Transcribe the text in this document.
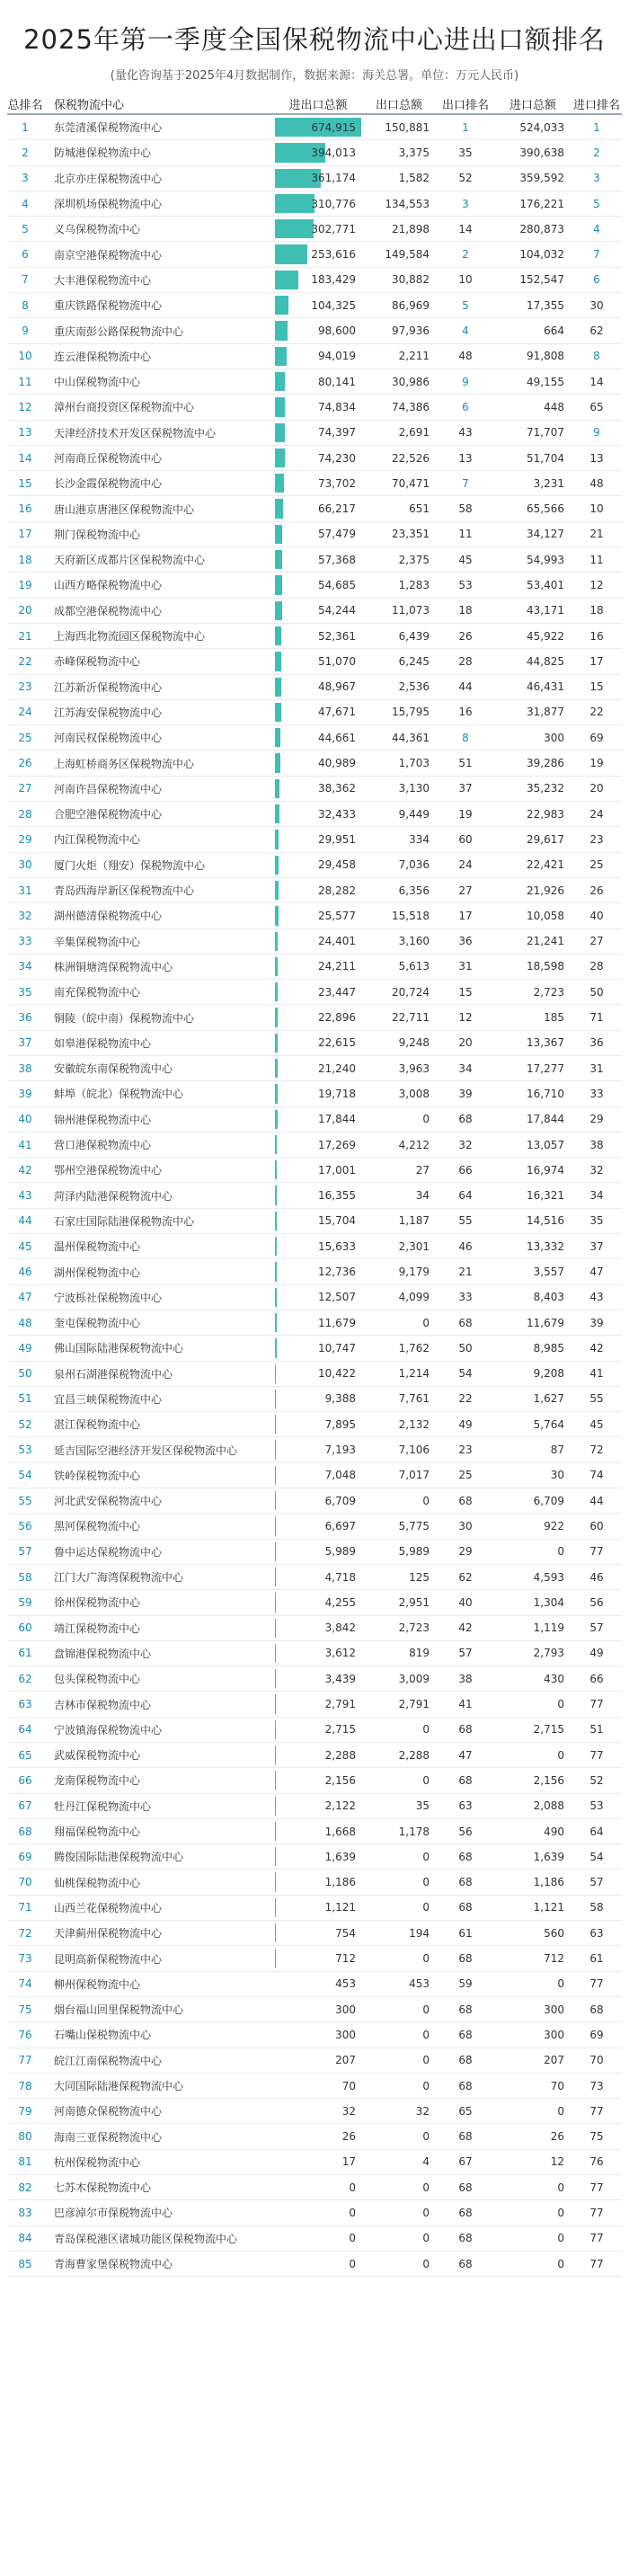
2025年第一季度全国保税物流中心进出口额排名
(量化咨询基于2025年4月数据制作，数据来源：海关总署。单位：万元人民币)
总排名 保税物流中心	进出口总额	出口总额	出口排名	进口总额	进口排名
1	东莞清溪保税物流中心	674,915	150,881	1	524,033	1
2	防城港保税物流中心	394,013	3,375	35	390,638	2
3	北京亦庄保税物流中心	361,174	1,582	52	359,592	3
4	深圳机场保税物流中心	310,776	134,553	3	176,221	5
5	义乌保税物流中心	302,771	21,898	14	280,873	4
6	南京空港保税物流中心	253,616	149,584	2	104,032	7
7	大丰港保税物流中心	183,429	30,882	10	152,547	6
8	重庆铁路保税物流中心	104,325	86,969	5	17,355	30
9	重庆南彭公路保税物流中心	98,600	97,936	4	664	62
10	连云港保税物流中心	94,019	2,211	48	91,808	8
11	中山保税物流中心	80,141	30,986	9	49,155	14
12	漳州台商投资区保税物流中心	74,834	74,386	6	448	65
13	天津经济技术开发区保税物流中心	74,397	2,691	43	71,707	9
14	河南商丘保税物流中心	74,230	22,526	13	51,704	13
15	长沙金霞保税物流中心	73,702	70,471	7	3,231	48
16	唐山港京唐港区保税物流中心	66,217	651	58	65,566	10
17	荆门保税物流中心	57,479	23,351	11	34,127	21
18	天府新区成都片区保税物流中心	57,368	2,375	45	54,993	11
19	山西方略保税物流中心	54,685	1,283	53	53,401	12
20	成都空港保税物流中心	54,244	11,073	18	43,171	18
21	上海西北物流园区保税物流中心	52,361	6,439	26	45,922	16
22	赤峰保税物流中心	51,070	6,245	28	44,825	17
23	江苏新沂保税物流中心	48,967	2,536	44	46,431	15
24	江苏海安保税物流中心	47,671	15,795	16	31,877	22
25	河南民权保税物流中心	44,661	44,361	8	300	69
26	上海虹桥商务区保税物流中心	40,989	1,703	51	39,286	19
27	河南许昌保税物流中心	38,362	3,130	37	35,232	20
28	合肥空港保税物流中心	32,433	9,449	19	22,983	24
29	内江保税物流中心	29,951	334	60	29,617	23
30	厦门火炬（翔安）保税物流中心	29,458	7,036	24	22,421	25
31	青岛西海岸新区保税物流中心	28,282	6,356	27	21,926	26
32	湖州德清保税物流中心	25,577	15,518	17	10,058	40
33	辛集保税物流中心	24,401	3,160	36	21,241	27
34	株洲铜塘湾保税物流中心	24,211	5,613	31	18,598	28
35	南充保税物流中心	23,447	20,724	15	2,723	50
36	铜陵（皖中南）保税物流中心	22,896	22,711	12	185	71
37	如皋港保税物流中心	22,615	9,248	20	13,367	36
38	安徽皖东南保税物流中心	21,240	3,963	34	17,277	31
39	蚌埠（皖北）保税物流中心	19,718	3,008	39	16,710	33
40	锦州港保税物流中心	17,844	0	68	17,844	29
41	营口港保税物流中心	17,269	4,212	32	13,057	38
42	鄂州空港保税物流中心	17,001	27	66	16,974	32
43	菏泽内陆港保税物流中心	16,355	34	64	16,321	34
44	石家庄国际陆港保税物流中心	15,704	1,187	55	14,516	35
45	温州保税物流中心	15,633	2,301	46	13,332	37
46	湖州保税物流中心	12,736	9,179	21	3,557	47
47	宁波栎社保税物流中心	12,507	4,099	33	8,403	43
48	奎屯保税物流中心	11,679	0	68	11,679	39
49	佛山国际陆港保税物流中心	10,747	1,762	50	8,985	42
50	泉州石湖港保税物流中心	10,422	1,214	54	9,208	41
51	宜昌三峡保税物流中心	9,388	7,761	22	1,627	55
52	湛江保税物流中心	7,895	2,132	49	5,764	45
53	延吉国际空港经济开发区保税物流中心	7,193	7,106	23	87	72
54	铁岭保税物流中心	7,048	7,017	25	30	74
55	河北武安保税物流中心	6,709	0	68	6,709	44
56	黑河保税物流中心	6,697	5,775	30	922	60
57	鲁中运达保税物流中心	5,989	5,989	29	0	77
58	江门大广海湾保税物流中心	4,718	125	62	4,593	46
59	徐州保税物流中心	4,255	2,951	40	1,304	56
60	靖江保税物流中心	3,842	2,723	42	1,119	57
61	盘锦港保税物流中心	3,612	819	57	2,793	49
62	包头保税物流中心	3,439	3,009	38	430	66
63	吉林市保税物流中心	2,791	2,791	41	0	77
64	宁波镇海保税物流中心	2,715	0	68	2,715	51
65	武威保税物流中心	2,288	2,288	47	0	77
66	龙南保税物流中心	2,156	0	68	2,156	52
67	牡丹江保税物流中心	2,122	35	63	2,088	53
68	翔福保税物流中心	1,668	1,178	56	490	64
69	腾俊国际陆港保税物流中心	1,639	0	68	1,639	54
70	仙桃保税物流中心	1,186	0	68	1,186	57
71	山西兰花保税物流中心	1,121	0	68	1,121	58
72	天津蓟州保税物流中心	754	194	61	560	63
73	昆明高新保税物流中心	712	0	68	712	61
74	柳州保税物流中心	453	453	59	0	77
75	烟台福山回里保税物流中心	300	0	68	300	68
76	石嘴山保税物流中心	300	0	68	300	69
77	皖江江南保税物流中心	207	0	68	207	70
78	大同国际陆港保税物流中心	70	0	68	70	73
79	河南德众保税物流中心	32	32	65	0	77
80	海南三亚保税物流中心	26	0	68	26	75
81	杭州保税物流中心	17	4	67	12	76
82	七苏木保税物流中心	0	0	68	0	77
83	巴彦淖尔市保税物流中心	0	0	68	0	77
84	青岛保税港区诸城功能区保税物流中心	0	0	68	0	77
85	青海曹家堡保税物流中心	0	0	68	0	77
